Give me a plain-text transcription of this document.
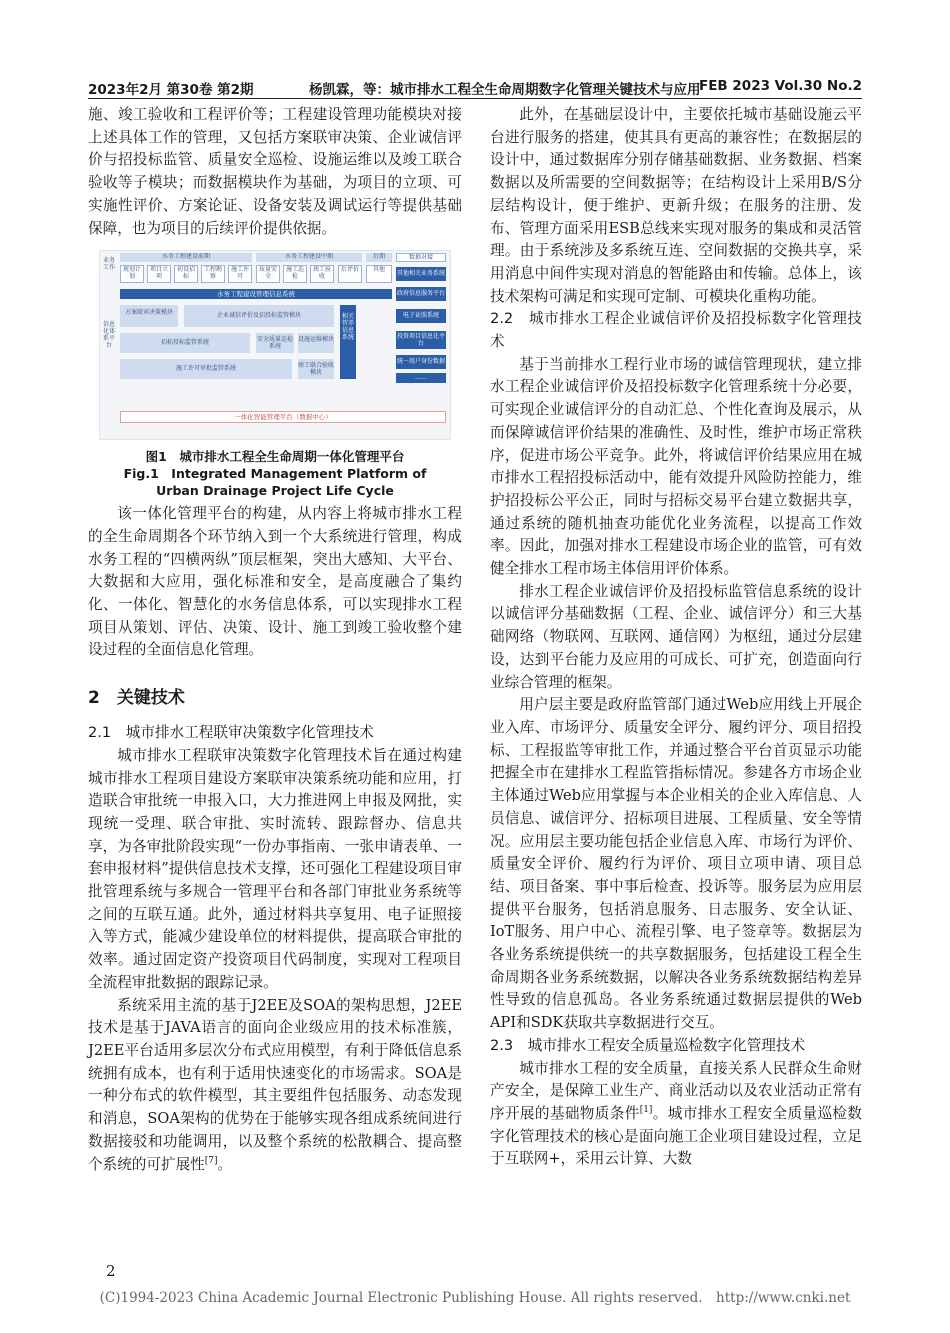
2023年2月 第30卷 第2期	杨凯霖，等：城市排水工程全生命周期数字化管理关键技术与应用
FEB 2023 Vol.30 No.2

施、竣工验收和工程评价等；工程建设管理功能模块对接上述具体工作的管理，又包括方案联审决策、企业诚信评价与招投标监管、质量安全巡检、设施运维以及竣工联合验收等子模块；而数据模块作为基础，为项目的立项、可实施性评价、方案论证、设备安装及调试运行等提供基础保障，也为项目的后续评价提供依据。

业务工作
信息化体系平台
水务工程建设前期	水务工程建设中期	后期	数据对接
规划计划
项目立项
初设招标
工程勘察
施工许可
质量安全
施工巡检
竣工验收
后评价	其他
水务工程建设管理信息系统
方案联审决策模块	企业诚信评价及招投标监管模块
招标投标监管系统	安全质量巡检系统
设施运维模块
施工许可审批监管系统	竣工联合验收模块
相关管养信息系统
其他相关业务系统
政府信息服务平台
电子证照系统
投资项目信息化平台
统一用户身份数据
……
一体化智能管理平台（数据中心）
图1　城市排水工程全生命周期一体化管理平台
Fig.1　Integrated Management Platform of
Urban Drainage Project Life Cycle

该一体化管理平台的构建，从内容上将城市排水工程的全生命周期各个环节纳入到一个大系统进行管理，构成水务工程的“四横两纵”顶层框架，突出大感知、大平台、大数据和大应用，强化标准和安全，是高度融合了集约化、一体化、智慧化的水务信息体系，可以实现排水工程项目从策划、评估、决策、设计、施工到竣工验收整个建设过程的全面信息化管理。

2　关键技术
2.1　城市排水工程联审决策数字化管理技术

城市排水工程联审决策数字化管理技术旨在通过构建城市排水工程项目建设方案联审决策系统功能和应用，打造联合审批统一申报入口，大力推进网上申报及网批，实现统一受理、联合审批、实时流转、跟踪督办、信息共享，为各审批阶段实现“一份办事指南、一张申请表单、一套申报材料”提供信息技术支撑，还可强化工程建设项目审批管理系统与多规合一管理平台和各部门审批业务系统等之间的互联互通。此外，通过材料共享复用、电子证照接入等方式，能减少建设单位的材料提供，提高联合审批的效率。通过固定资产投资项目代码制度，实现对工程项目全流程审批数据的跟踪记录。

系统采用主流的基于J2EE及SOA的架构思想，J2EE技术是基于JAVA语言的面向企业级应用的技术标准簇，J2EE平台适用多层次分布式应用模型，有利于降低信息系统拥有成本，也有利于适用快速变化的市场需求。SOA是一种分布式的软件模型，其主要组件包括服务、动态发现和消息，SOA架构的优势在于能够实现各组成系统间进行数据接驳和功能调用，以及整个系统的松散耦合、提高整个系统的可扩展性[7]。

此外，在基础层设计中，主要依托城市基础设施云平台进行服务的搭建，使其具有更高的兼容性；在数据层的设计中，通过数据库分别存储基础数据、业务数据、档案数据以及所需要的空间数据等；在结构设计上采用B/S分层结构设计，便于维护、更新升级；在服务的注册、发布、管理方面采用ESB总线来实现对服务的集成和灵活管理。由于系统涉及多系统互连、空间数据的交换共享，采用消息中间件实现对消息的智能路由和传输。总体上，该技术架构可满足和实现可定制、可模块化重构功能。

2.2　城市排水工程企业诚信评价及招投标数字化管理技术

基于当前排水工程行业市场的诚信管理现状，建立排水工程企业诚信评价及招投标数字化管理系统十分必要，可实现企业诚信评分的自动汇总、个性化查询及展示，从而保障诚信评价结果的准确性、及时性，维护市场正常秩序，促进市场公平竞争。此外，将诚信评价结果应用在城市排水工程招投标活动中，能有效提升风险防控能力，维护招投标公平公正，同时与招标交易平台建立数据共享，通过系统的随机抽查功能优化业务流程，以提高工作效率。因此，加强对排水工程建设市场企业的监管，可有效健全排水工程市场主体信用评价体系。

排水工程企业诚信评价及招投标监管信息系统的设计以诚信评分基础数据（工程、企业、诚信评分）和三大基础网络（物联网、互联网、通信网）为枢纽，通过分层建设，达到平台能力及应用的可成长、可扩充，创造面向行业综合管理的框架。

用户层主要是政府监管部门通过Web应用线上开展企业入库、市场评分、质量安全评分、履约评分、项目招投标、工程报监等审批工作，并通过整合平台首页显示功能把握全市在建排水工程监管指标情况。参建各方市场企业主体通过Web应用掌握与本企业相关的企业入库信息、人员信息、诚信评分、招标项目进展、工程质量、安全等情况。应用层主要功能包括企业信息入库、市场行为评价、质量安全评价、履约行为评价、项目立项申请、项目总结、项目备案、事中事后检查、投诉等。服务层为应用层提供平台服务，包括消息服务、日志服务、安全认证、IoT服务、用户中心、流程引擎、电子签章等。数据层为各业务系统提供统一的共享数据服务，包括建设工程全生命周期各业务系统数据，以解决各业务系统数据结构差异性导致的信息孤岛。各业务系统通过数据层提供的Web API和SDK获取共享数据进行交互。

2.3　城市排水工程安全质量巡检数字化管理技术

城市排水工程的安全质量，直接关系人民群众生命财产安全，是保障工业生产、商业活动以及农业活动正常有序开展的基础物质条件[1]。城市排水工程安全质量巡检数字化管理技术的核心是面向施工企业项目建设过程，立足于互联网+，采用云计算、大数

2
(C)1994-2023 China Academic Journal Electronic Publishing House. All rights reserved.　http://www.cnki.net
